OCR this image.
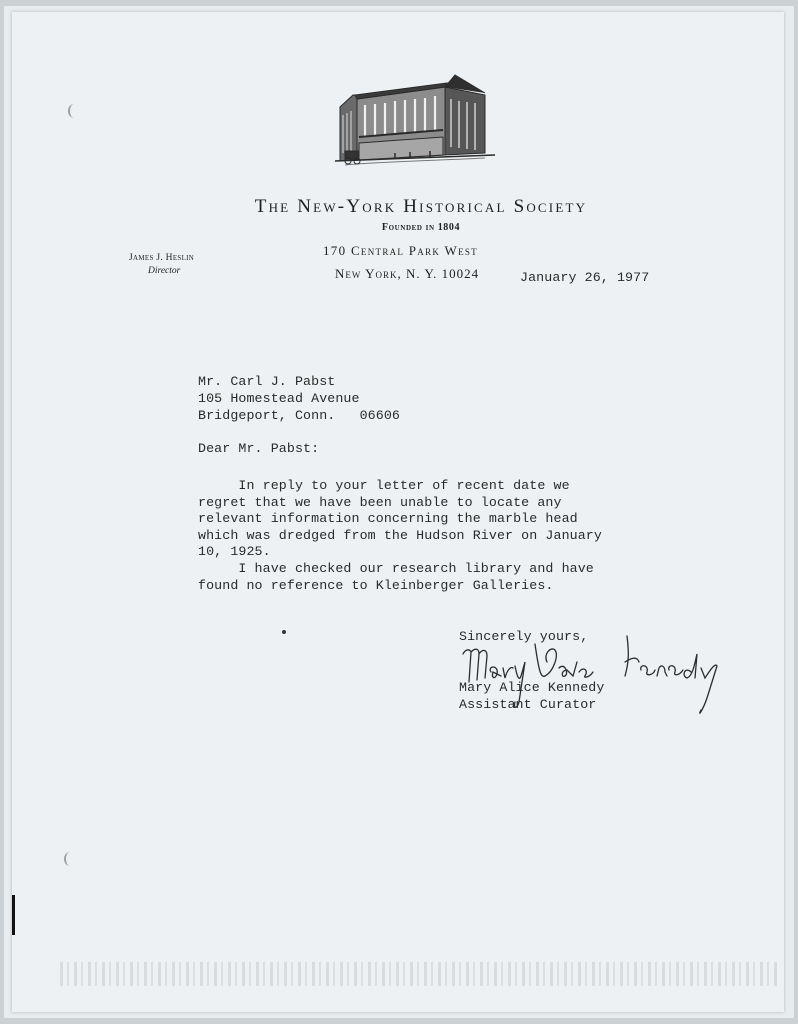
The New-York Historical Society
Founded in 1804
170 Central Park West
New York, N. Y. 10024
James J. Heslin
Director	January 26, 1977
Mr. Carl J. Pabst
105 Homestead Avenue
Bridgeport, Conn.   06606
Dear Mr. Pabst:
In reply to your letter of recent date we
regret that we have been unable to locate any
relevant information concerning the marble head
which was dredged from the Hudson River on January
10, 1925.
I have checked our research library and have
found no reference to Kleinberger Galleries.
Sincerely yours,
Mary Alice Kennedy
Assistant Curator
